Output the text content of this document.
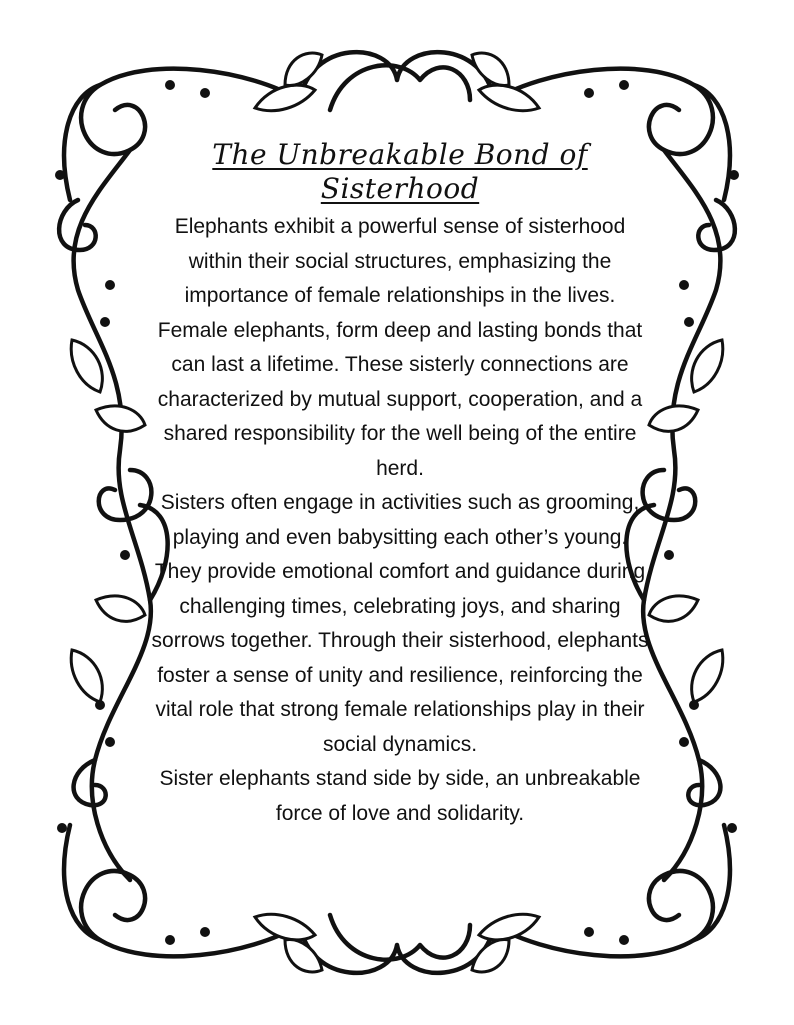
The Unbreakable Bond of
Sisterhood

Elephants exhibit a powerful sense of sisterhood within their social structures, emphasizing the importance of female relationships in the lives. Female elephants, form deep and lasting bonds that can last a lifetime. These sisterly connections are characterized by mutual support, cooperation, and a shared responsibility for the well being of the entire herd.

Sisters often engage in activities such as grooming, playing and even babysitting each other’s young. They provide emotional comfort and guidance during challenging times, celebrating joys, and sharing sorrows together. Through their sisterhood, elephants foster a sense of unity and resilience, reinforcing the vital role that strong female relationships play in their social dynamics.

Sister elephants stand side by side, an unbreakable force of love and solidarity.
